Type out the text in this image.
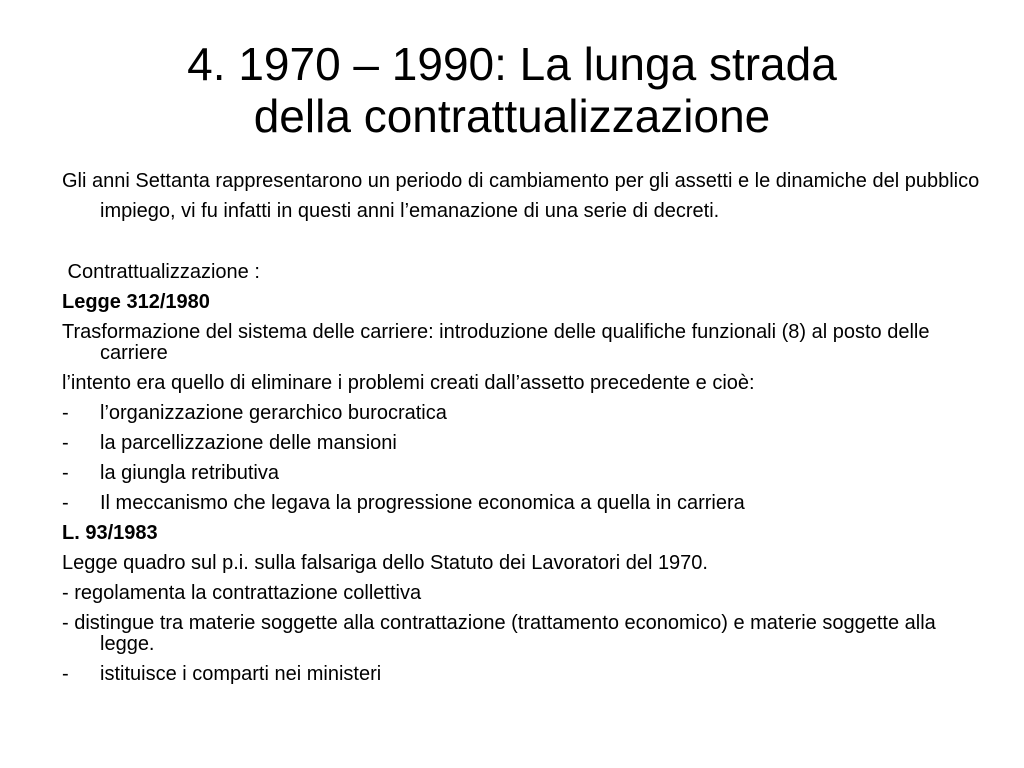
4. 1970 – 1990: La lunga strada
della contrattualizzazione

Gli anni Settanta rappresentarono un periodo di cambiamento per gli assetti e le dinamiche del pubblico impiego, vi fu infatti in questi anni l’emanazione di una serie di decreti.

Contrattualizzazione :

Legge 312/1980

Trasformazione del sistema delle carriere: introduzione delle qualifiche funzionali (8) al posto delle carriere

l’intento era quello di eliminare i problemi creati dall’assetto precedente e cioè:

- l’organizzazione gerarchico burocratica

- la parcellizzazione delle mansioni

- la giungla retributiva

- Il meccanismo che legava la progressione economica a quella in carriera

L. 93/1983

Legge quadro sul p.i. sulla falsariga dello Statuto dei Lavoratori del 1970.

- regolamenta la contrattazione collettiva

- distingue tra materie soggette alla contrattazione (trattamento economico) e materie soggette alla legge.

- istituisce i comparti nei ministeri
